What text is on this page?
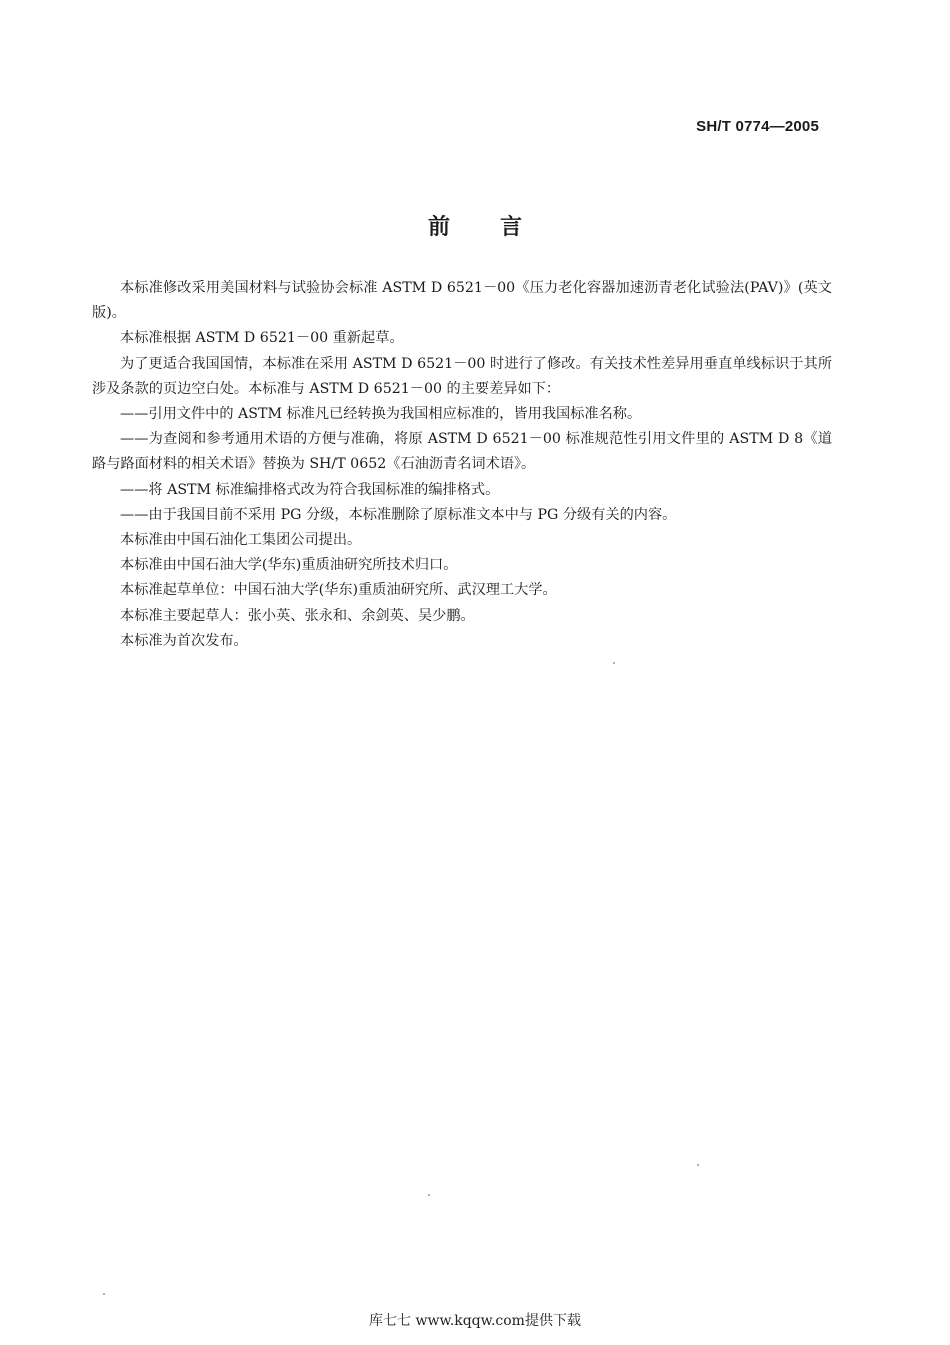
SH/T 0774—2005
前 言

本标准修改采用美国材料与试验协会标准 ASTM D 6521－00《压力老化容器加速沥青老化试验法(PAV)》(英文版)。

本标准根据 ASTM D 6521－00 重新起草。

为了更适合我国国情，本标准在采用 ASTM D 6521－00 时进行了修改。有关技术性差异用垂直单线标识于其所涉及条款的页边空白处。本标准与 ASTM D 6521－00 的主要差异如下：

——引用文件中的 ASTM 标准凡已经转换为我国相应标准的，皆用我国标准名称。

——为查阅和参考通用术语的方便与准确，将原 ASTM D 6521－00 标准规范性引用文件里的 ASTM D 8《道路与路面材料的相关术语》替换为 SH/T 0652《石油沥青名词术语》。

——将 ASTM 标准编排格式改为符合我国标准的编排格式。

——由于我国目前不采用 PG 分级，本标准删除了原标准文本中与 PG 分级有关的内容。

本标准由中国石油化工集团公司提出。

本标准由中国石油大学(华东)重质油研究所技术归口。

本标准起草单位：中国石油大学(华东)重质油研究所、武汉理工大学。

本标准主要起草人：张小英、张永和、余剑英、吴少鹏。

本标准为首次发布。

库七七 www.kqqw.com提供下载
